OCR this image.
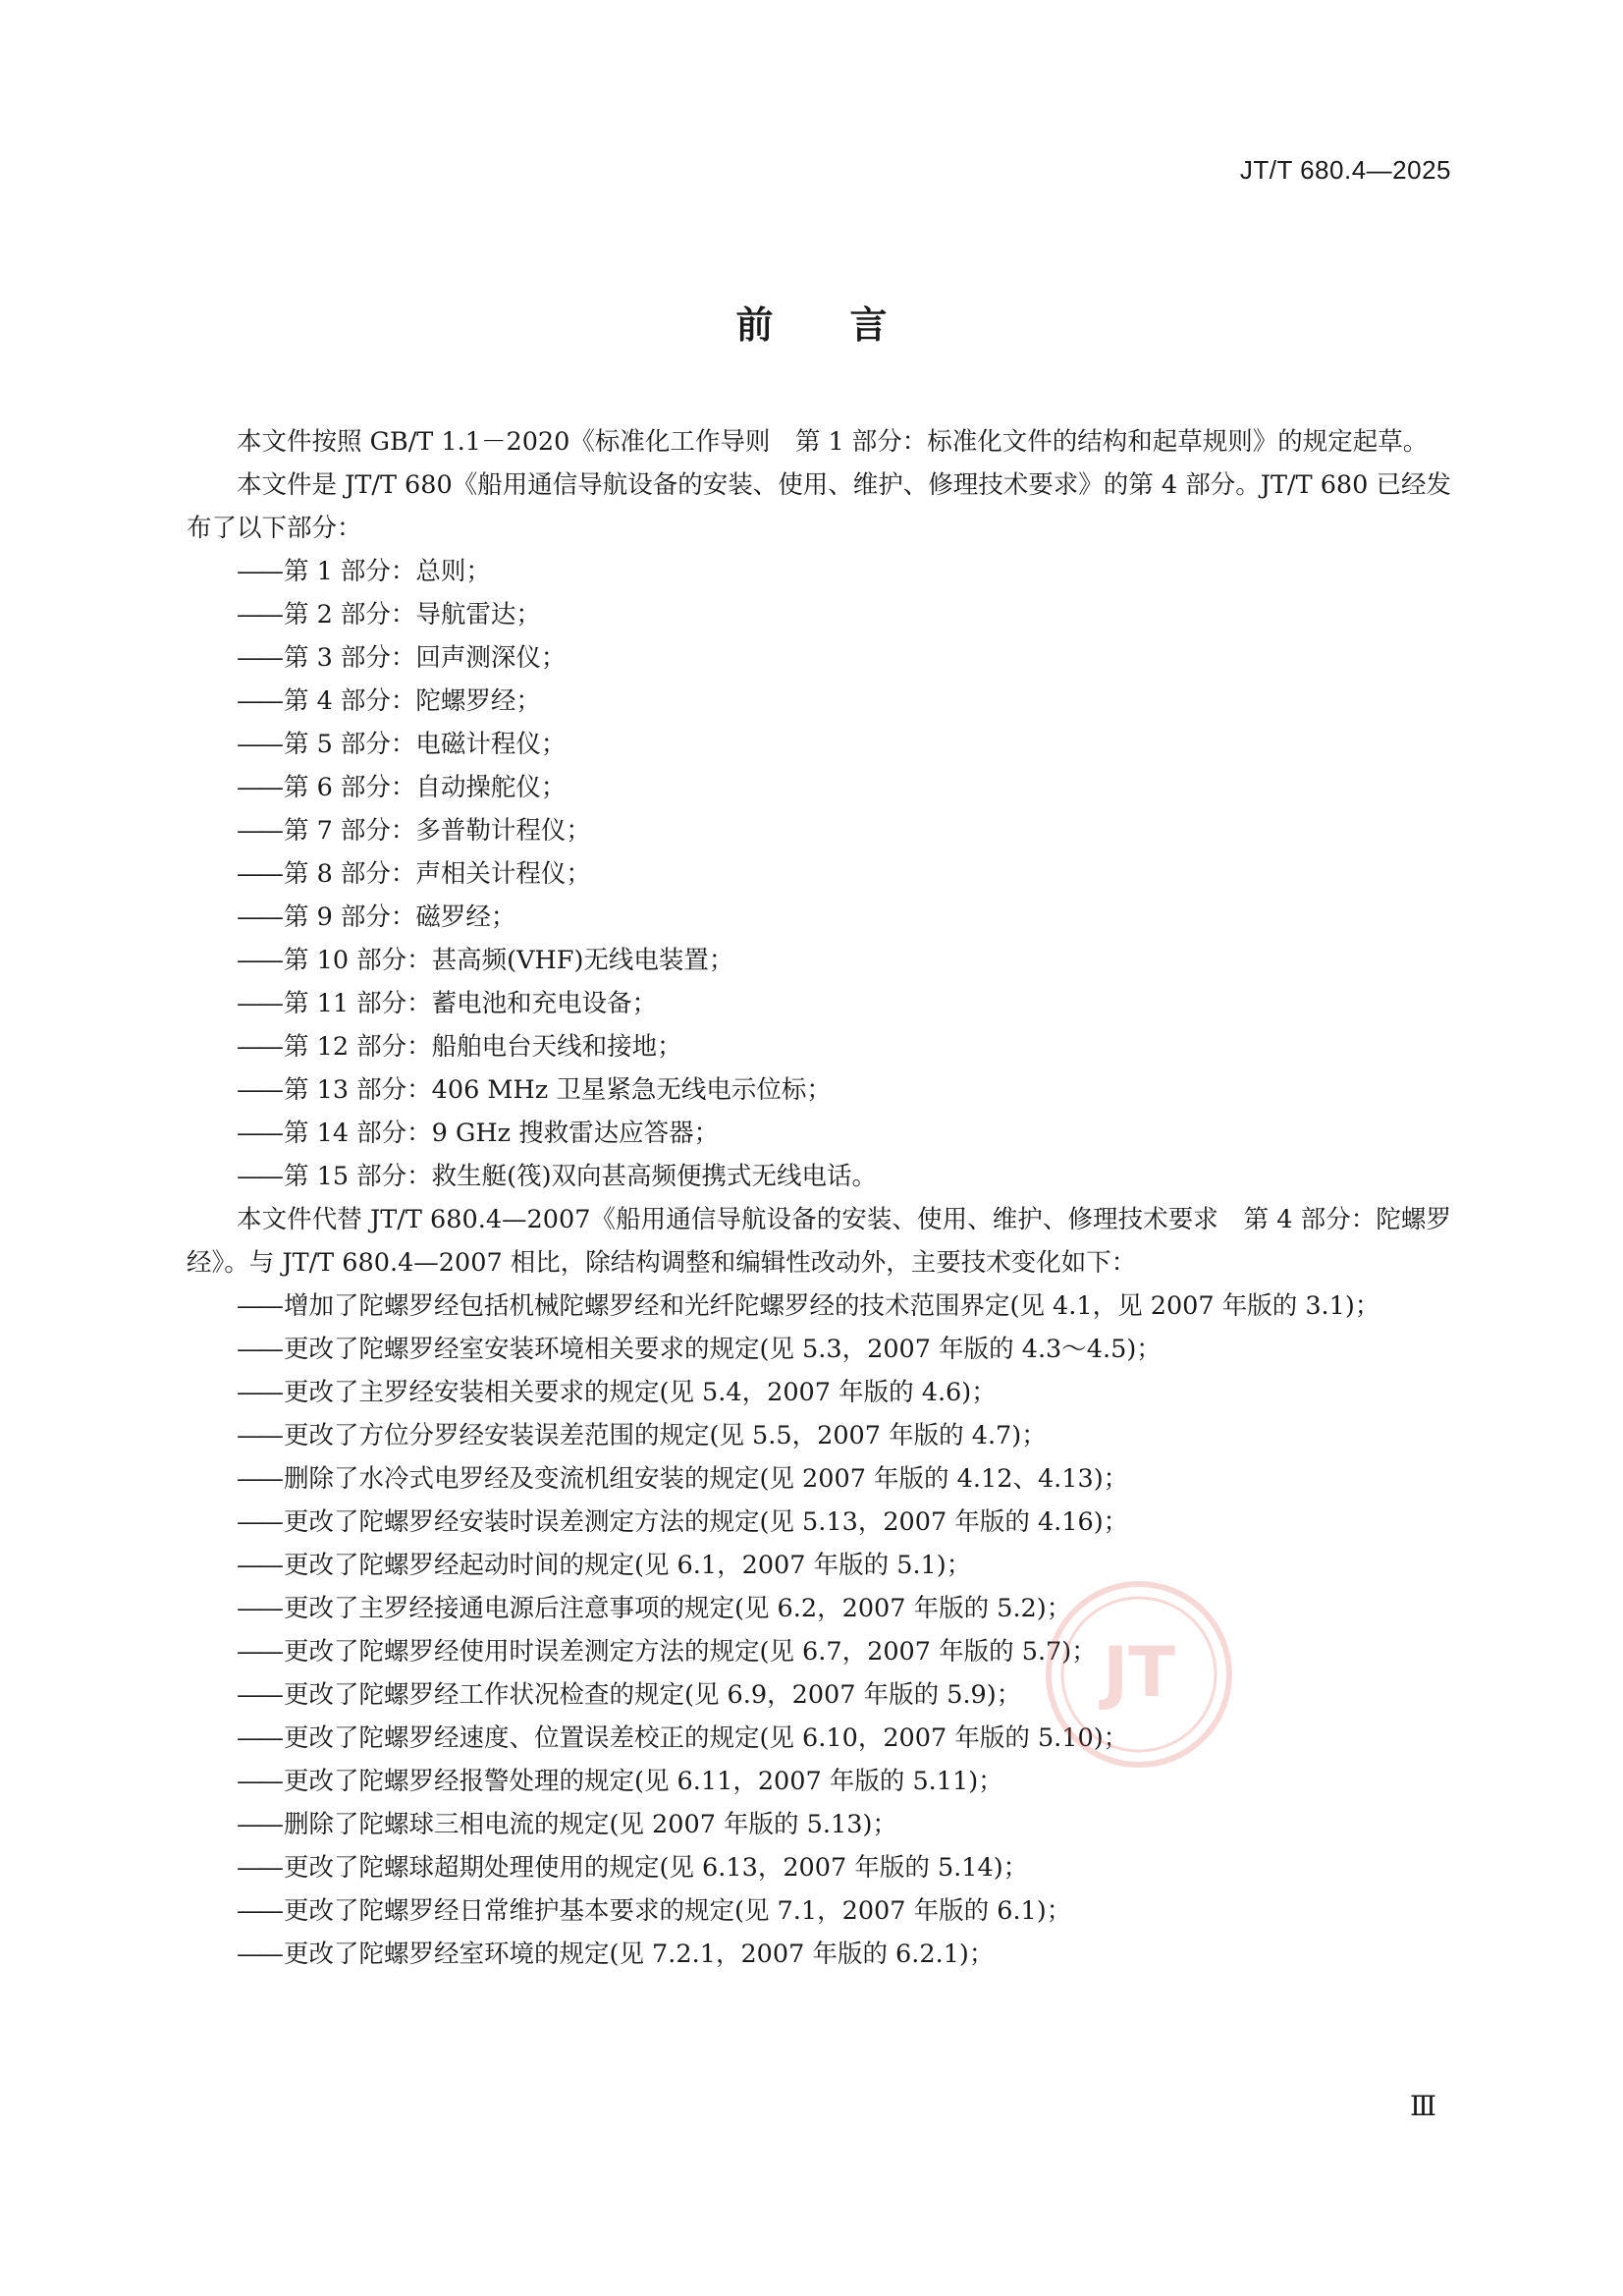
JT/T 680.4—2025
前言

本文件按照 GB/T 1.1－2020《标准化工作导则　第 1 部分：标准化文件的结构和起草规则》的规定起草。

本文件是 JT/T 680《船用通信导航设备的安装、使用、维护、修理技术要求》的第 4 部分。JT/T 680 已经发布了以下部分：

—— 第 1 部分：总则；

—— 第 2 部分：导航雷达；

—— 第 3 部分：回声测深仪；

—— 第 4 部分：陀螺罗经；

—— 第 5 部分：电磁计程仪；

—— 第 6 部分：自动操舵仪；

—— 第 7 部分：多普勒计程仪；

—— 第 8 部分：声相关计程仪；

—— 第 9 部分：磁罗经；

—— 第 10 部分：甚高频(VHF)无线电装置；

—— 第 11 部分：蓄电池和充电设备；

—— 第 12 部分：船舶电台天线和接地；

—— 第 13 部分：406 MHz 卫星紧急无线电示位标；

—— 第 14 部分：9 GHz 搜救雷达应答器；

—— 第 15 部分：救生艇(筏)双向甚高频便携式无线电话。

本文件代替 JT/T 680.4—2007《船用通信导航设备的安装、使用、维护、修理技术要求　第 4 部分：陀螺罗经》。与 JT/T 680.4—2007 相比，除结构调整和编辑性改动外，主要技术变化如下：

—— 增加了陀螺罗经包括机械陀螺罗经和光纤陀螺罗经的技术范围界定(见 4.1，见 2007 年版的 3.1)；

—— 更改了陀螺罗经室安装环境相关要求的规定(见 5.3，2007 年版的 4.3～4.5)；

—— 更改了主罗经安装相关要求的规定(见 5.4，2007 年版的 4.6)；

—— 更改了方位分罗经安装误差范围的规定(见 5.5，2007 年版的 4.7)；

—— 删除了水冷式电罗经及变流机组安装的规定(见 2007 年版的 4.12、4.13)；

—— 更改了陀螺罗经安装时误差测定方法的规定(见 5.13，2007 年版的 4.16)；

—— 更改了陀螺罗经起动时间的规定(见 6.1，2007 年版的 5.1)；

—— 更改了主罗经接通电源后注意事项的规定(见 6.2，2007 年版的 5.2)；

—— 更改了陀螺罗经使用时误差测定方法的规定(见 6.7，2007 年版的 5.7)；

—— 更改了陀螺罗经工作状况检查的规定(见 6.9，2007 年版的 5.9)；

—— 更改了陀螺罗经速度、位置误差校正的规定(见 6.10，2007 年版的 5.10)；

—— 更改了陀螺罗经报警处理的规定(见 6.11，2007 年版的 5.11)；

—— 删除了陀螺球三相电流的规定(见 2007 年版的 5.13)；

—— 更改了陀螺球超期处理使用的规定(见 6.13，2007 年版的 5.14)；

—— 更改了陀螺罗经日常维护基本要求的规定(见 7.1，2007 年版的 6.1)；

—— 更改了陀螺罗经室环境的规定(见 7.2.1，2007 年版的 6.2.1)；

JT
Ⅲ
